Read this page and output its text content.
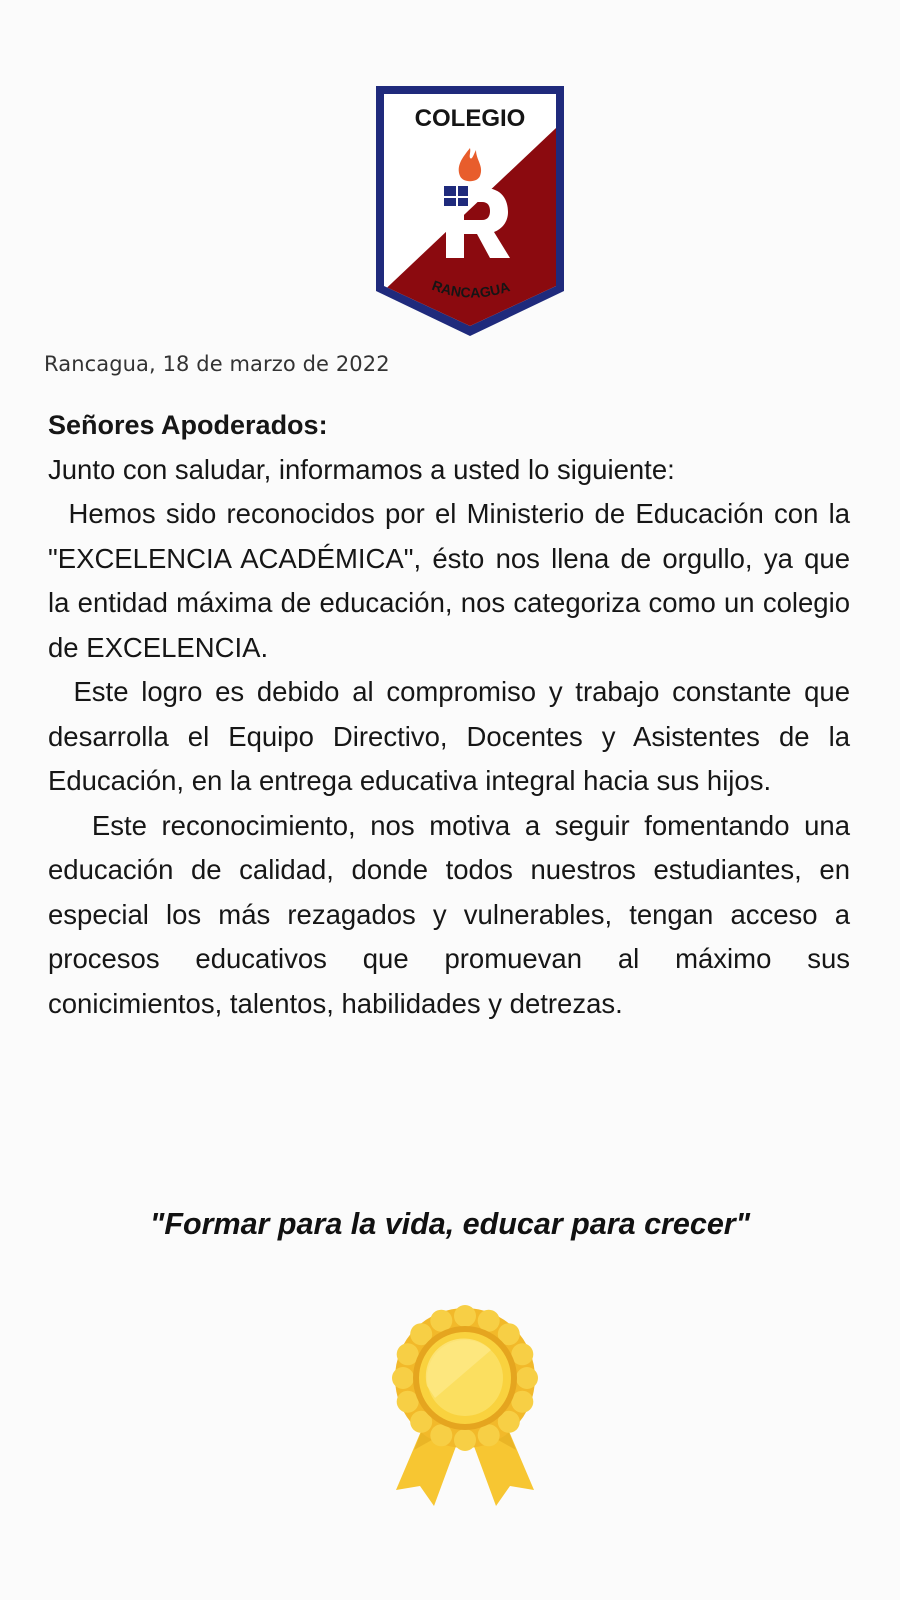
COLEGIO
RANCAGUA
Rancagua, 18 de marzo de 2022

Señores Apoderados:

Junto con saludar, informamos a usted lo siguiente:

Hemos sido reconocidos por el Ministerio de Educación con la "EXCELENCIA ACADÉMICA", ésto nos llena de orgullo, ya que la entidad máxima de educación, nos categoriza como un colegio de EXCELENCIA.

Este logro es debido al compromiso y trabajo constante que desarrolla el Equipo Directivo, Docentes y Asistentes de la Educación, en la entrega educativa integral hacia sus hijos.

Este reconocimiento, nos motiva a seguir fomentando una educación de calidad, donde todos nuestros estudiantes, en especial los más rezagados y vulnerables, tengan acceso a procesos educativos que promuevan al máximo sus conicimientos, talentos, habilidades y detrezas.

"Formar para la vida, educar para crecer"
